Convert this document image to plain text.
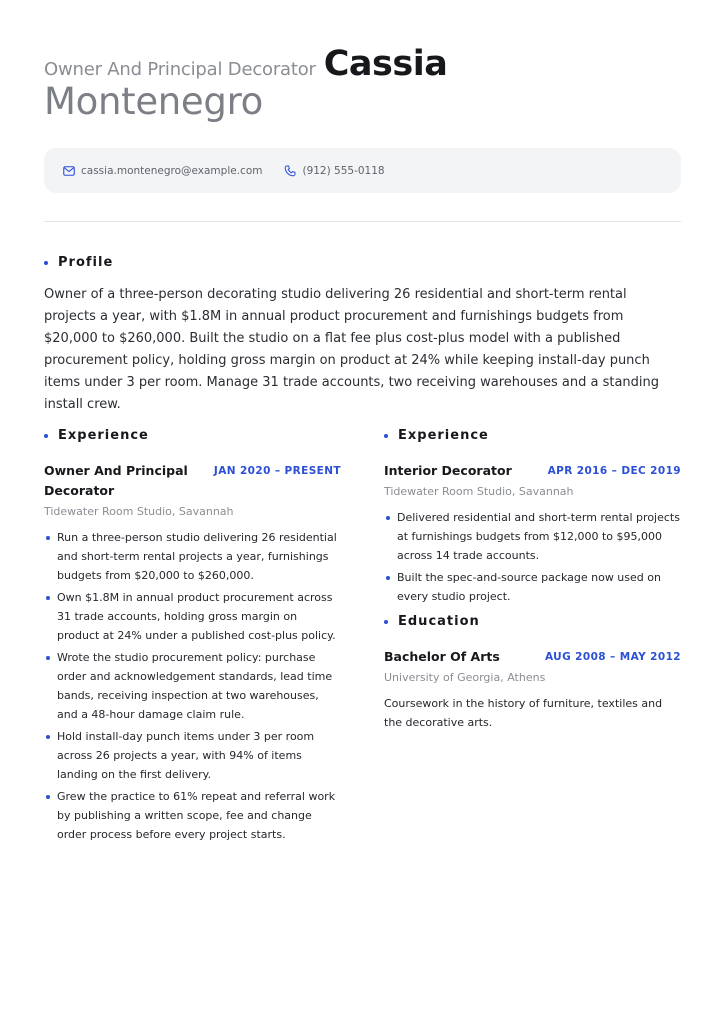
Owner And Principal Decorator Cassia
Montenegro
cassia.montenegro@example.com	(912) 555-0118
Profile
Owner of a three-person decorating studio delivering 26 residential and short-term rental projects a year, with $1.8M in annual product procurement and furnishings budgets from $20,000 to $260,000. Built the studio on a flat fee plus cost-plus model with a published procurement policy, holding gross margin on product at 24% while keeping install-day punch items under 3 per room. Manage 31 trade accounts, two receiving warehouses and a standing install crew.
Experience
Owner And Principal Decorator
JAN 2020 – PRESENT
Tidewater Room Studio, Savannah
Run a three-person studio delivering 26 residential and short-term rental projects a year, furnishings budgets from $20,000 to $260,000.
Own $1.8M in annual product procurement across 31 trade accounts, holding gross margin on product at 24% under a published cost-plus policy.
Wrote the studio procurement policy: purchase order and acknowledgement standards, lead time bands, receiving inspection at two warehouses, and a 48-hour damage claim rule.
Hold install-day punch items under 3 per room across 26 projects a year, with 94% of items landing on the first delivery.
Grew the practice to 61% repeat and referral work by publishing a written scope, fee and change order process before every project starts.
Experience
Interior Decorator	APR 2016 – DEC 2019
Tidewater Room Studio, Savannah
Delivered residential and short-term rental projects at furnishings budgets from $12,000 to $95,000 across 14 trade accounts.
Built the spec-and-source package now used on every studio project.
Education
Bachelor Of Arts	AUG 2008 – MAY 2012
University of Georgia, Athens
Coursework in the history of furniture, textiles and the decorative arts.
